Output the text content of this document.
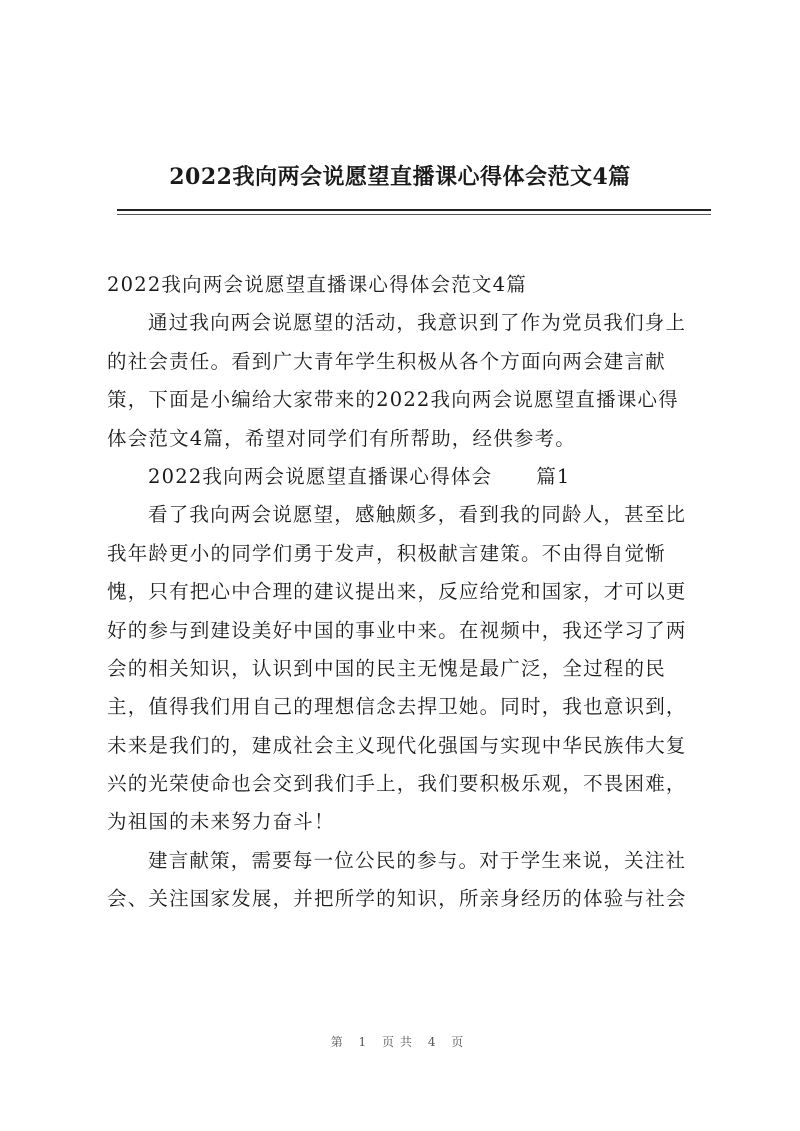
2022我向两会说愿望直播课心得体会范文4篇
2022我向两会说愿望直播课心得体会范文4篇
通过我向两会说愿望的活动，我意识到了作为党员我们身上
的社会责任。看到广大青年学生积极从各个方面向两会建言献
策，下面是小编给大家带来的2022我向两会说愿望直播课心得
体会范文4篇，希望对同学们有所帮助，经供参考。
2022我向两会说愿望直播课心得体会 篇1
看了我向两会说愿望，感触颇多，看到我的同龄人，甚至比
我年龄更小的同学们勇于发声，积极献言建策。不由得自觉惭
愧，只有把心中合理的建议提出来，反应给党和国家，才可以更
好的参与到建设美好中国的事业中来。在视频中，我还学习了两
会的相关知识，认识到中国的民主无愧是最广泛，全过程的民
主，值得我们用自己的理想信念去捍卫她。同时，我也意识到，
未来是我们的，建成社会主义现代化强国与实现中华民族伟大复
兴的光荣使命也会交到我们手上，我们要积极乐观，不畏困难，
为祖国的未来努力奋斗！
建言献策，需要每一位公民的参与。对于学生来说，关注社
会、关注国家发展，并把所学的知识，所亲身经历的体验与社会
第 1 页共 4 页
